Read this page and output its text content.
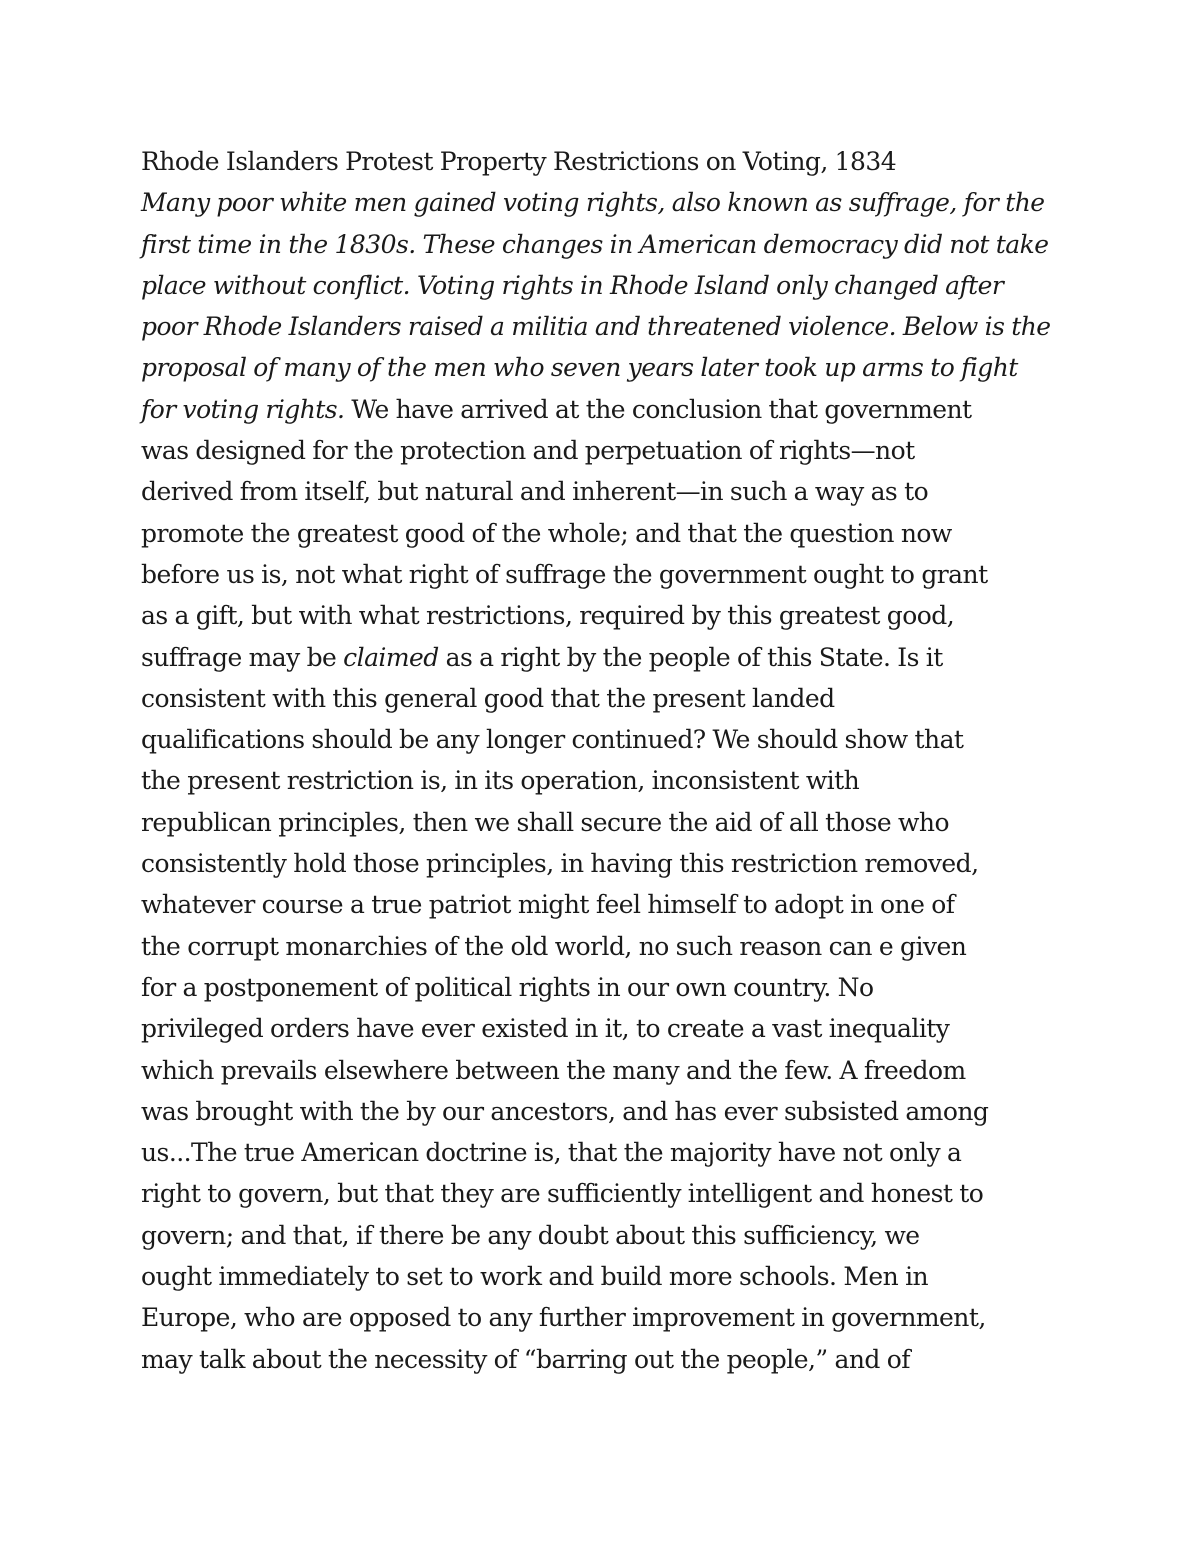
Rhode Islanders Protest Property Restrictions on Voting, 1834
Many poor white men gained voting rights, also known as suffrage, for the
first time in the 1830s. These changes in American democracy did not take
place without conflict. Voting rights in Rhode Island only changed after
poor Rhode Islanders raised a militia and threatened violence. Below is the
proposal of many of the men who seven years later took up arms to fight
for voting rights. We have arrived at the conclusion that government
was designed for the protection and perpetuation of rights—not
derived from itself, but natural and inherent—in such a way as to
promote the greatest good of the whole; and that the question now
before us is, not what right of suffrage the government ought to grant
as a gift, but with what restrictions, required by this greatest good,
suffrage may be claimed as a right by the people of this State. Is it
consistent with this general good that the present landed
qualifications should be any longer continued? We should show that
the present restriction is, in its operation, inconsistent with
republican principles, then we shall secure the aid of all those who
consistently hold those principles, in having this restriction removed,
whatever course a true patriot might feel himself to adopt in one of
the corrupt monarchies of the old world, no such reason can e given
for a postponement of political rights in our own country. No
privileged orders have ever existed in it, to create a vast inequality
which prevails elsewhere between the many and the few. A freedom
was brought with the by our ancestors, and has ever subsisted among
us...The true American doctrine is, that the majority have not only a
right to govern, but that they are sufficiently intelligent and honest to
govern; and that, if there be any doubt about this sufficiency, we
ought immediately to set to work and build more schools. Men in
Europe, who are opposed to any further improvement in government,
may talk about the necessity of “barring out the people,” and of
